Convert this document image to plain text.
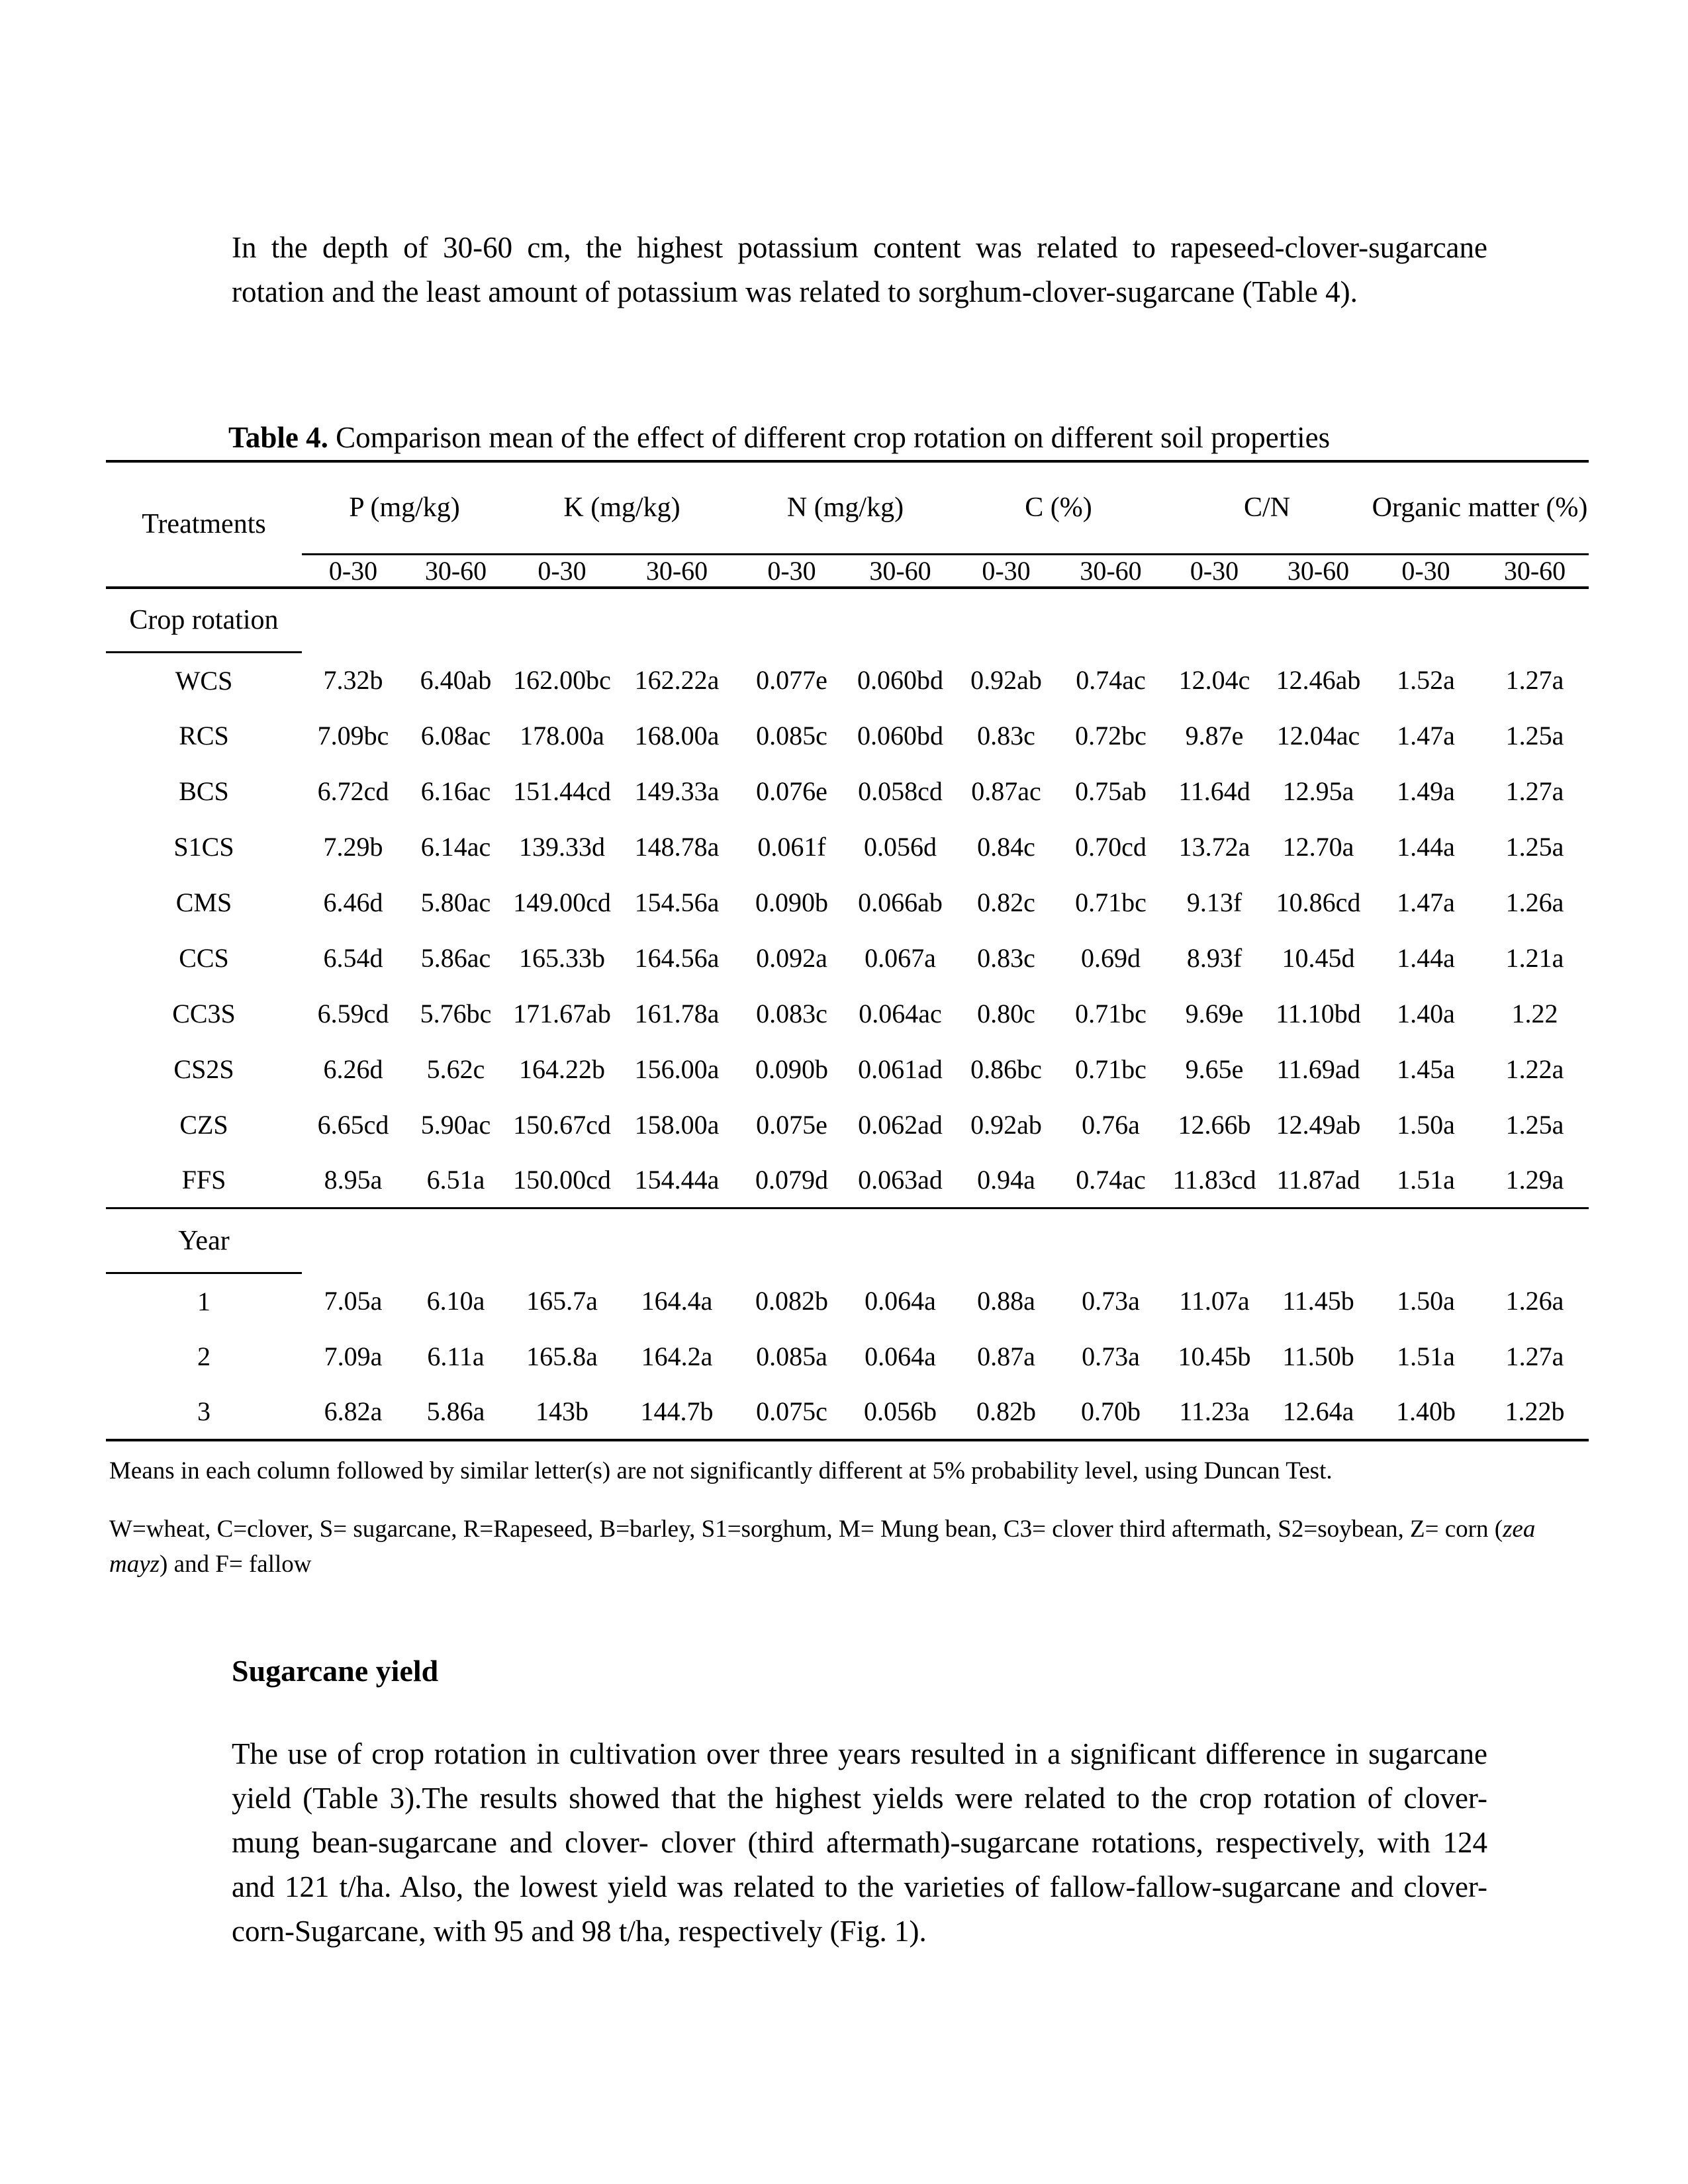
In the depth of 30-60 cm, the highest potassium content was related to rapeseed-clover-sugarcane rotation and the least amount of potassium was related to sorghum-clover-sugarcane (Table 4).

Table 4. Comparison mean of the effect of different crop rotation on different soil properties
Treatments	P (mg/kg)		K (mg/kg)		N (mg/kg)		C (%)		C/N		Organic matter (%)	
	0-30	30-60	0-30	30-60	0-30	30-60	0-30	30-60	0-30	30-60	0-30	30-60
Crop rotation												
WCS	7.32b	6.40ab	162.00bc	162.22a	0.077e	0.060bd	0.92ab	0.74ac	12.04c	12.46ab	1.52a	1.27a
RCS	7.09bc	6.08ac	178.00a	168.00a	0.085c	0.060bd	0.83c	0.72bc	9.87e	12.04ac	1.47a	1.25a
BCS	6.72cd	6.16ac	151.44cd	149.33a	0.076e	0.058cd	0.87ac	0.75ab	11.64d	12.95a	1.49a	1.27a
S1CS	7.29b	6.14ac	139.33d	148.78a	0.061f	0.056d	0.84c	0.70cd	13.72a	12.70a	1.44a	1.25a
CMS	6.46d	5.80ac	149.00cd	154.56a	0.090b	0.066ab	0.82c	0.71bc	9.13f	10.86cd	1.47a	1.26a
CCS	6.54d	5.86ac	165.33b	164.56a	0.092a	0.067a	0.83c	0.69d	8.93f	10.45d	1.44a	1.21a
CC3S	6.59cd	5.76bc	171.67ab	161.78a	0.083c	0.064ac	0.80c	0.71bc	9.69e	11.10bd	1.40a	1.22
CS2S	6.26d	5.62c	164.22b	156.00a	0.090b	0.061ad	0.86bc	0.71bc	9.65e	11.69ad	1.45a	1.22a
CZS	6.65cd	5.90ac	150.67cd	158.00a	0.075e	0.062ad	0.92ab	0.76a	12.66b	12.49ab	1.50a	1.25a
FFS	8.95a	6.51a	150.00cd	154.44a	0.079d	0.063ad	0.94a	0.74ac	11.83cd	11.87ad	1.51a	1.29a
Year												
1	7.05a	6.10a	165.7a	164.4a	0.082b	0.064a	0.88a	0.73a	11.07a	11.45b	1.50a	1.26a
2	7.09a	6.11a	165.8a	164.2a	0.085a	0.064a	0.87a	0.73a	10.45b	11.50b	1.51a	1.27a
3	6.82a	5.86a	143b	144.7b	0.075c	0.056b	0.82b	0.70b	11.23a	12.64a	1.40b	1.22b
Means in each column followed by similar letter(s) are not significantly different at 5% probability level, using Duncan Test.
W=wheat, C=clover, S= sugarcane, R=Rapeseed, B=barley, S1=sorghum, M= Mung bean, C3= clover third aftermath, S2=soybean, Z= corn (zea mayz) and F= fallow
Sugarcane yield

The use of crop rotation in cultivation over three years resulted in a significant difference in sugarcane yield (Table 3).The results showed that the highest yields were related to the crop rotation of clover-mung bean-sugarcane and clover- clover (third aftermath)-sugarcane rotations, respectively, with 124 and 121 t/ha. Also, the lowest yield was related to the varieties of fallow-fallow-sugarcane and clover-corn-Sugarcane, with 95 and 98 t/ha, respectively (Fig. 1).
